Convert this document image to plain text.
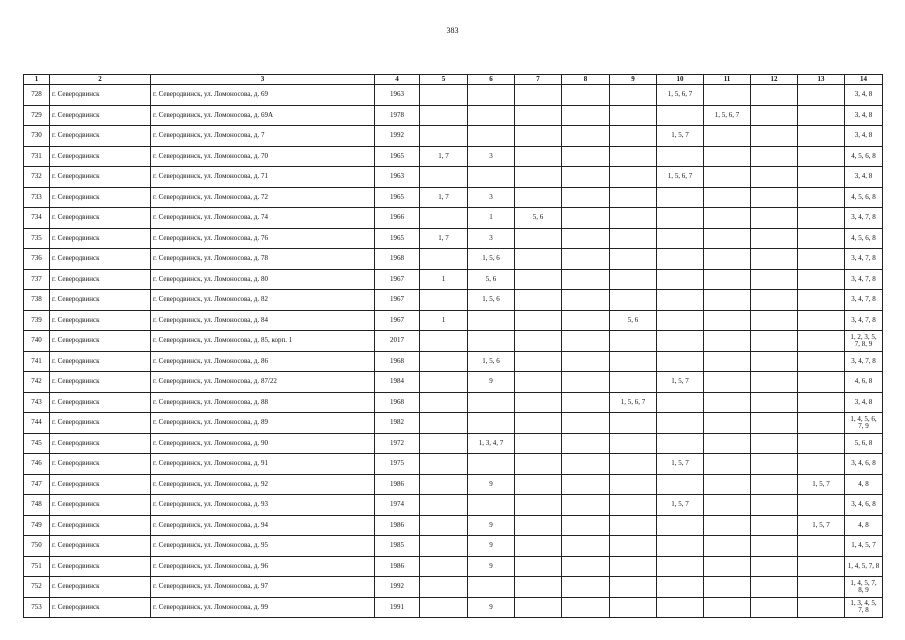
383
1	2	3	4	5	6	7	8	9	10	11	12	13	14
728	г. Северодвинск	г. Северодвинск, ул. Ломоносова, д. 69	1963						1, 5, 6, 7				3, 4, 8
729	г. Северодвинск	г. Северодвинск, ул. Ломоносова, д. 69А	1978							1, 5, 6, 7			3, 4, 8
730	г. Северодвинск	г. Северодвинск, ул. Ломоносова, д. 7	1992						1, 5, 7				3, 4, 8
731	г. Северодвинск	г. Северодвинск, ул. Ломоносова, д. 70	1965	1, 7	3								4, 5, 6, 8
732	г. Северодвинск	г. Северодвинск, ул. Ломоносова, д. 71	1963						1, 5, 6, 7				3, 4, 8
733	г. Северодвинск	г. Северодвинск, ул. Ломоносова, д. 72	1965	1, 7	3								4, 5, 6, 8
734	г. Северодвинск	г. Северодвинск, ул. Ломоносова, д. 74	1966		1	5, 6							3, 4, 7, 8
735	г. Северодвинск	г. Северодвинск, ул. Ломоносова, д. 76	1965	1, 7	3								4, 5, 6, 8
736	г. Северодвинск	г. Северодвинск, ул. Ломоносова, д. 78	1968		1, 5, 6								3, 4, 7, 8
737	г. Северодвинск	г. Северодвинск, ул. Ломоносова, д. 80	1967	1	5, 6								3, 4, 7, 8
738	г. Северодвинск	г. Северодвинск, ул. Ломоносова, д. 82	1967		1, 5, 6								3, 4, 7, 8
739	г. Северодвинск	г. Северодвинск, ул. Ломоносова, д. 84	1967	1				5, 6					3, 4, 7, 8
740	г. Северодвинск	г. Северодвинск, ул. Ломоносова, д. 85, корп. 1	2017										1, 2, 3, 5, 7, 8, 9
741	г. Северодвинск	г. Северодвинск, ул. Ломоносова, д. 86	1968		1, 5, 6								3, 4, 7, 8
742	г. Северодвинск	г. Северодвинск, ул. Ломоносова, д. 87/22	1984		9				1, 5, 7				4, 6, 8
743	г. Северодвинск	г. Северодвинск, ул. Ломоносова, д. 88	1968					1, 5, 6, 7					3, 4, 8
744	г. Северодвинск	г. Северодвинск, ул. Ломоносова, д. 89	1982										1, 4, 5, 6, 7, 9
745	г. Северодвинск	г. Северодвинск, ул. Ломоносова, д. 90	1972		1, 3, 4, 7								5, 6, 8
746	г. Северодвинск	г. Северодвинск, ул. Ломоносова, д. 91	1975						1, 5, 7				3, 4, 6, 8
747	г. Северодвинск	г. Северодвинск, ул. Ломоносова, д. 92	1986		9							1, 5, 7	4, 8
748	г. Северодвинск	г. Северодвинск, ул. Ломоносова, д. 93	1974						1, 5, 7				3, 4, 6, 8
749	г. Северодвинск	г. Северодвинск, ул. Ломоносова, д. 94	1986		9							1, 5, 7	4, 8
750	г. Северодвинск	г. Северодвинск, ул. Ломоносова, д. 95	1985		9								1, 4, 5, 7
751	г. Северодвинск	г. Северодвинск, ул. Ломоносова, д. 96	1986		9								1, 4, 5, 7, 8
752	г. Северодвинск	г. Северодвинск, ул. Ломоносова, д. 97	1992										1, 4, 5, 7, 8, 9
753	г. Северодвинск	г. Северодвинск, ул. Ломоносова, д. 99	1991		9								1, 3, 4, 5, 7, 8
